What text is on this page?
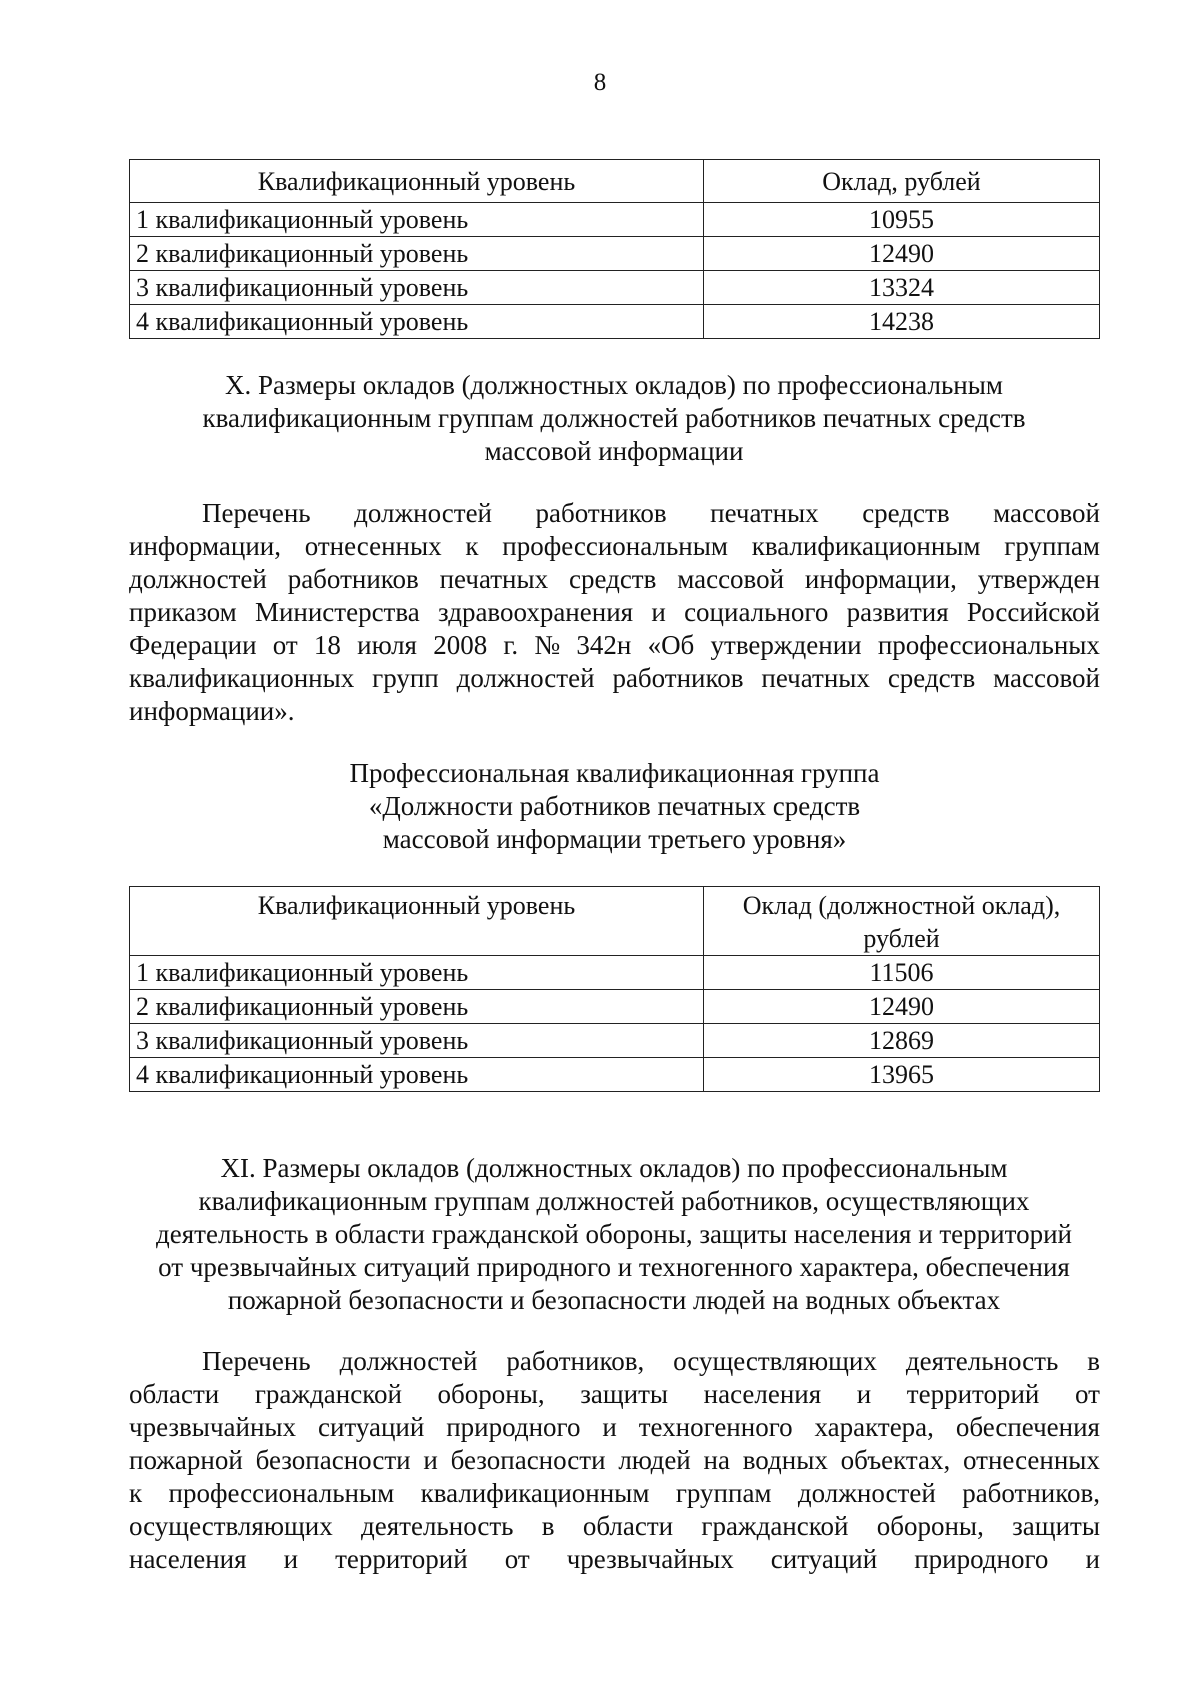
8
Квалификационный уровень	Оклад, рублей
1 квалификационный уровень	10955
2 квалификационный уровень	12490
3 квалификационный уровень	13324
4 квалификационный уровень	14238
X. Размеры окладов (должностных окладов) по профессиональным
квалификационным группам должностей работников печатных средств
массовой информации
Перечень должностей работников печатных средств массовой
информации, отнесенных к профессиональным квалификационным группам
должностей работников печатных средств массовой информации, утвержден
приказом Министерства здравоохранения и социального развития Российской
Федерации от 18 июля 2008 г. № 342н «Об утверждении профессиональных
квалификационных групп должностей работников печатных средств массовой
информации».
Профессиональная квалификационная группа
«Должности работников печатных средств
массовой информации третьего уровня»
Квалификационный уровень	Оклад (должностной оклад),
рублей
1 квалификационный уровень	11506
2 квалификационный уровень	12490
3 квалификационный уровень	12869
4 квалификационный уровень	13965
XI. Размеры окладов (должностных окладов) по профессиональным
квалификационным группам должностей работников, осуществляющих
деятельность в области гражданской обороны, защиты населения и территорий
от чрезвычайных ситуаций природного и техногенного характера, обеспечения
пожарной безопасности и безопасности людей на водных объектах
Перечень должностей работников, осуществляющих деятельность в
области гражданской обороны, защиты населения и территорий от
чрезвычайных ситуаций природного и техногенного характера, обеспечения
пожарной безопасности и безопасности людей на водных объектах, отнесенных
к профессиональным квалификационным группам должностей работников,
осуществляющих деятельность в области гражданской обороны, защиты
населения и территорий от чрезвычайных ситуаций природного и
